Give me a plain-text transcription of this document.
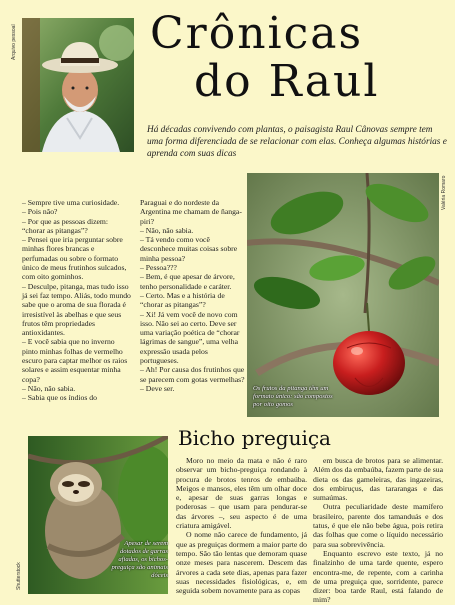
Arquivo pessoal	Crônicas
do Raul

Há décadas convivendo com plantas, o paisagista Raul Cânovas sempre tem uma forma diferenciada de se relacionar com elas. Conheça algumas histórias e aprenda com suas dicas

– Sempre tive uma curiosidade.

– Pois não?

– Por que as pessoas dizem: “chorar as pitangas”?

– Pensei que iria perguntar sobre minhas flores brancas e perfumadas ou sobre o formato único de meus frutinhos sulcados, com oito gominhos.

– Desculpe, pitanga, mas tudo isso já sei faz tempo. Aliás, todo mundo sabe que o aroma de sua florada é irresistível às abelhas e que seus frutos têm propriedades antioxidantes.

– E você sabia que no inverno pinto minhas folhas de vermelho escuro para captar melhor os raios solares e assim esquentar minha copa?

– Não, não sabia.

– Sabia que os índios do

Paraguai e do nordeste da Argentina me chamam de ñanga-piri?

– Não, não sabia.

– Tá vendo como você desconhece muitas coisas sobre minha pessoa?

– Pessoa???

– Bem, é que apesar de árvore, tenho personalidade e caráter.

– Certo. Mas e a história de “chorar as pitangas”?

– Xi! Já vem você de novo com isso. Não sei ao certo. Deve ser uma variação poética de “chorar lágrimas de sangue”, uma velha expressão usada pelos portugueses.

– Ah! Por causa dos frutinhos que se parecem com gotas vermelhas?

– Deve ser.

Valéria Romaro
Os frutos da pitanga têm um formato único: são compostos por oito gomos
Shutterstock
Apesar de serem dotados de garras afiadas, os bichos-preguiça são animais dóceis
Bicho preguiça

Moro no meio da mata e não é raro observar um bicho-preguiça rondando à procura de brotos tenros de embaúba. Meigos e mansos, eles têm um olhar doce e, apesar de suas garras longas e poderosas – que usam para pendurar-se das árvores –, seu aspecto é de uma criatura amigável.

O nome não carece de fundamento, já que as preguiças dormem a maior parte do tempo. São tão lentas que demoram quase onze meses para nascerem. Descem das árvores a cada sete dias, apenas para fazer suas necessidades fisiológicas, e, em seguida sobem novamente para as copas

em busca de brotos para se alimentar. Além dos da embaúba, fazem parte de sua dieta os das gameleiras, das ingazeiras, dos embiruçus, das tararangas e das sumaúmas.

Outra peculiaridade deste mamífero brasileiro, parente dos tamanduás e dos tatus, é que ele não bebe água, pois retira das folhas que come o líquido necessário para sua sobrevivência.

Enquanto escrevo este texto, já no finalzinho de uma tarde quente, espero encontra-me, de repente, com a carinha de uma preguiça que, sorridente, parece dizer: boa tarde Raul, está falando de mim?
